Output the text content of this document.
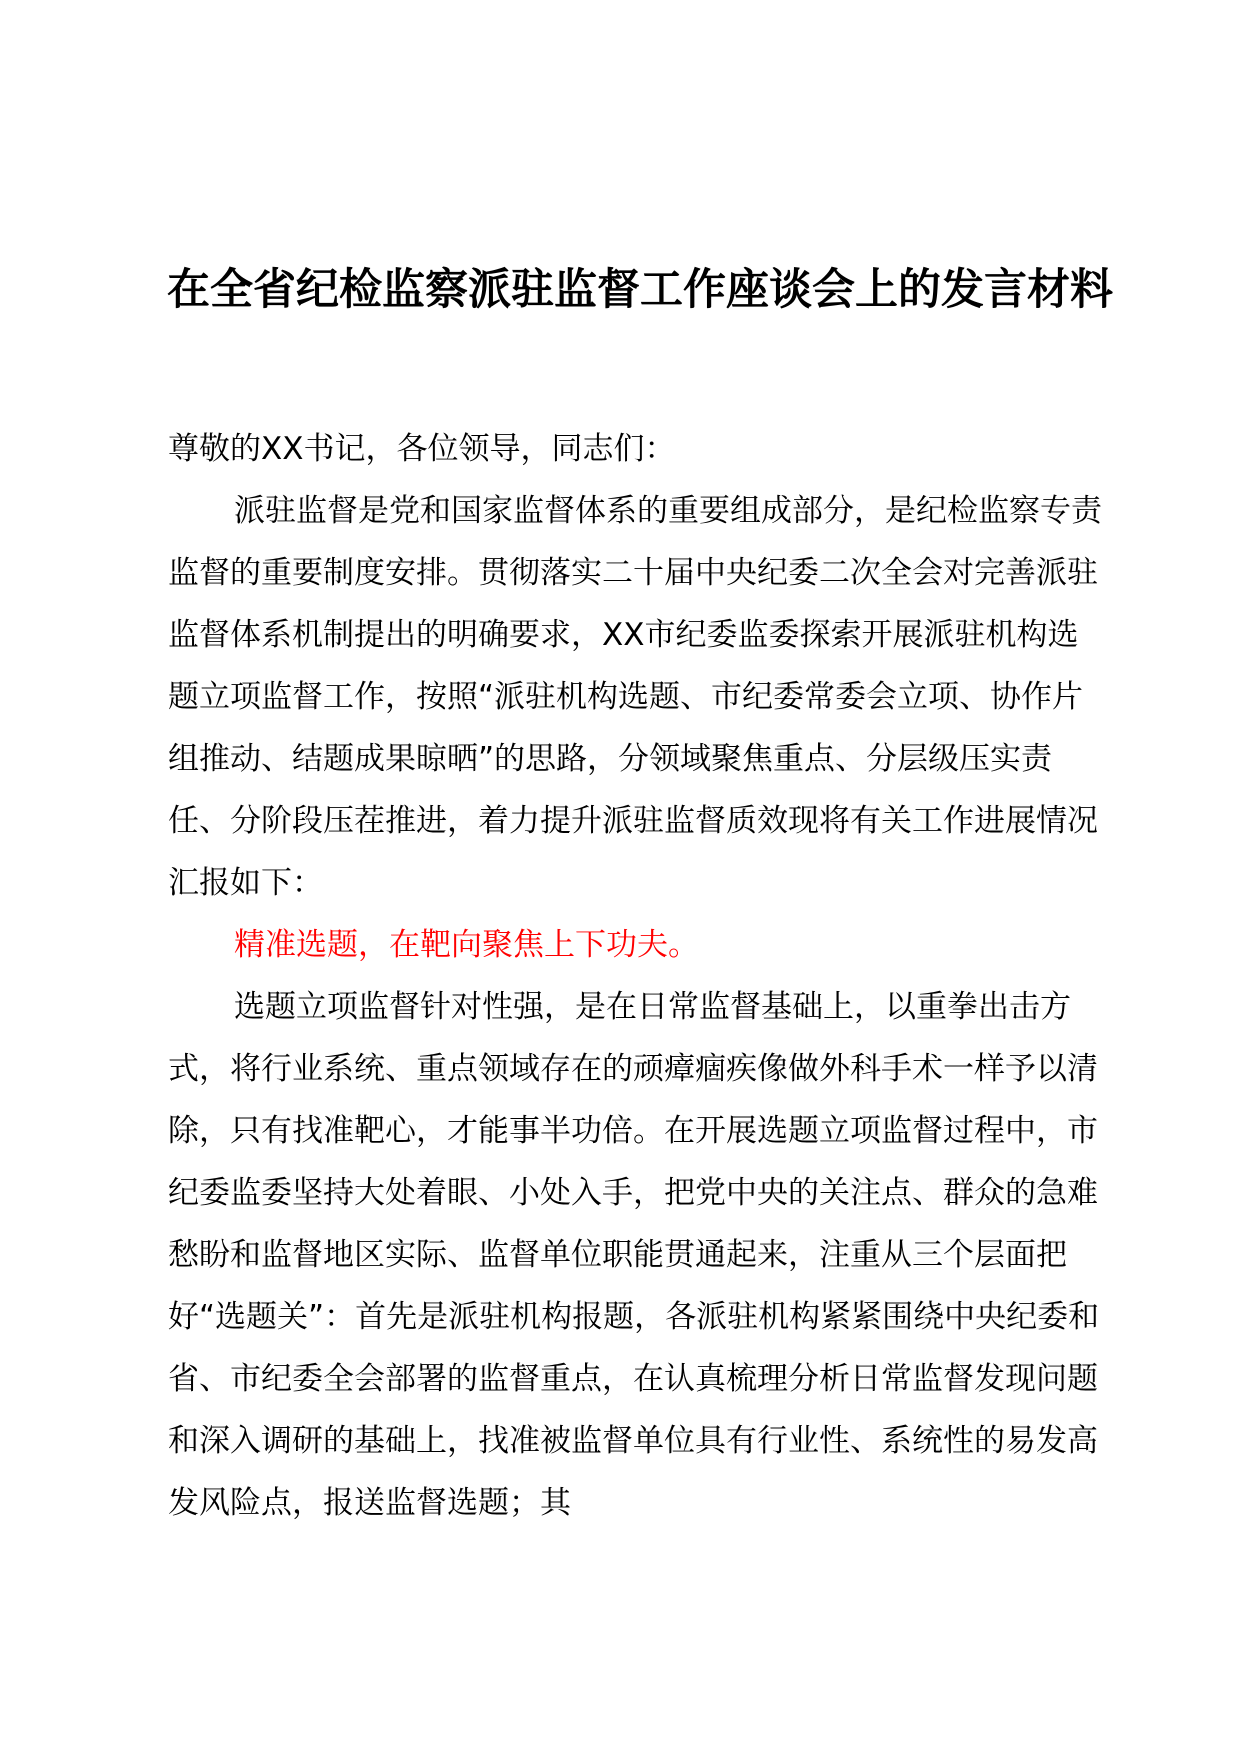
在全省纪检监察派驻监督工作座谈会上的发言材料

尊敬的XX书记，各位领导，同志们：

派驻监督是党和国家监督体系的重要组成部分，是纪检监察专责监督的重要制度安排。贯彻落实二十届中央纪委二次全会对完善派驻监督体系机制提出的明确要求，XX市纪委监委探索开展派驻机构选题立项监督工作，按照“派驻机构选题、市纪委常委会立项、协作片组推动、结题成果晾晒”的思路，分领域聚焦重点、分层级压实责任、分阶段压茬推进，着力提升派驻监督质效现将有关工作进展情况汇报如下：

精准选题，在靶向聚焦上下功夫。

选题立项监督针对性强，是在日常监督基础上，以重拳出击方式，将行业系统、重点领域存在的顽瘴痼疾像做外科手术一样予以清除，只有找准靶心，才能事半功倍。在开展选题立项监督过程中，市纪委监委坚持大处着眼、小处入手，把党中央的关注点、群众的急难愁盼和监督地区实际、监督单位职能贯通起来，注重从三个层面把好“选题关”：首先是派驻机构报题，各派驻机构紧紧围绕中央纪委和省、市纪委全会部署的监督重点，在认真梳理分析日常监督发现问题和深入调研的基础上，找准被监督单位具有行业性、系统性的易发高发风险点，报送监督选题；其
